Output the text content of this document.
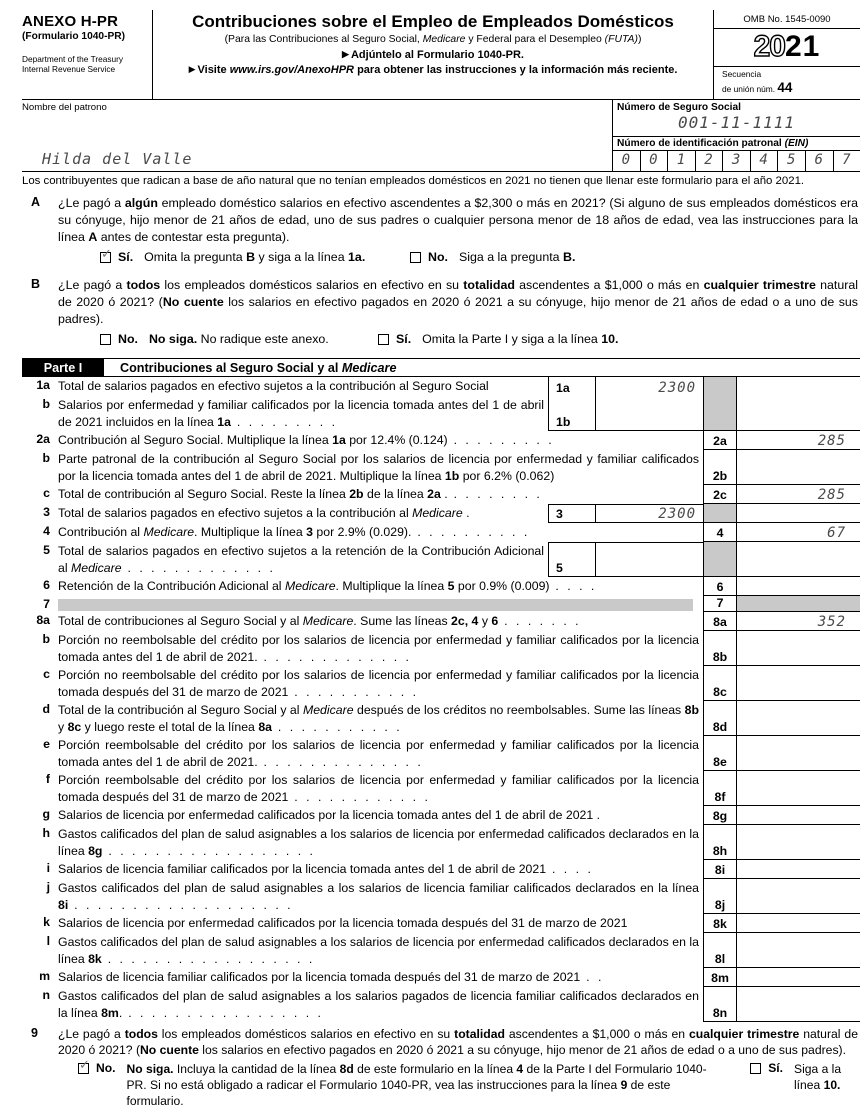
ANEXO H-PR
(Formulario 1040-PR)
Department of the Treasury
Internal Revenue Service
Contribuciones sobre el Empleo de Empleados Domésticos
(Para las Contribuciones al Seguro Social, Medicare y Federal para el Desempleo (FUTA))
▶ Adjúntelo al Formulario 1040-PR.
▶ Visite www.irs.gov/AnexoHPR para obtener las instrucciones y la información más reciente.
OMB No. 1545-0090
2021
Secuencia
de unión núm. 44
Nombre del patrono
Hilda del Valle
Número de Seguro Social
001-11-1111
Número de identificación patronal (EIN)
0	0	1	2	3	4	5	6	7
Los contribuyentes que radican a base de año natural que no tenían empleados domésticos en 2021 no tienen que llenar este formulario para el año 2021.
A	¿Le pagó a algún empleado doméstico salarios en efectivo ascendentes a $2,300 o más en 2021? (Si alguno de sus empleados domésticos era su cónyuge, hijo menor de 21 años de edad, uno de sus padres o cualquier persona menor de 18 años de edad, vea las instrucciones para la línea A antes de contestar esta pregunta).
✓
Sí. Omita la pregunta B y siga a la línea 1a.	No. Siga a la pregunta B.
B	¿Le pagó a todos los empleados domésticos salarios en efectivo en su totalidad ascendentes a $1,000 o más en cualquier trimestre natural de 2020 ó 2021? (No cuente los salarios en efectivo pagados en 2020 ó 2021 a su cónyuge, hijo menor de 21 años de edad o a uno de sus padres).
No. No siga. No radique este anexo.	Sí. Omita la Parte I y siga a la línea 10.
Parte I	Contribuciones al Seguro Social y al Medicare
1a Total de salarios pagados en efectivo sujetos a la contribución al Seguro Social	1a	2300
b Salarios por enfermedad y familiar calificados por la licencia tomada antes del 1 de abril de 2021 incluidos en la línea 1a . . . . . . . . .	1b
2a Contribución al Seguro Social. Multiplique la línea 1a por 12.4% (0.124) . . . . . . . . .	2a	285
b Parte patronal de la contribución al Seguro Social por los salarios de licencia por enfermedad y familiar calificados por la licencia tomada antes del 1 de abril de 2021. Multiplique la línea 1b por 6.2% (0.062)	2b
c Total de contribución al Seguro Social. Reste la línea 2b de la línea 2a . . . . . . . . .	2c	285
3 Total de salarios pagados en efectivo sujetos a la contribución al Medicare .	3	2300
4 Contribución al Medicare. Multiplique la línea 3 por 2.9% (0.029). . . . . . . . . . .	4	67
5 Total de salarios pagados en efectivo sujetos a la retención de la Contribución Adicional al Medicare . . . . . . . . . . . . .	5
6 Retención de la Contribución Adicional al Medicare. Multiplique la línea 5 por 0.9% (0.009) . . . .	6
7	7
8a Total de contribuciones al Seguro Social y al Medicare. Sume las líneas 2c, 4 y 6 . . . . . . .	8a	352
b Porción no reembolsable del crédito por los salarios de licencia por enfermedad y familiar calificados por la licencia tomada antes del 1 de abril de 2021. . . . . . . . . . . . . .	8b
c Porción no reembolsable del crédito por los salarios de licencia por enfermedad y familiar calificados por la licencia tomada después del 31 de marzo de 2021 . . . . . . . . . . .	8c
d Total de la contribución al Seguro Social y al Medicare después de los créditos no reembolsables. Sume las líneas 8b y 8c y luego reste el total de la línea 8a . . . . . . . . . . .	8d
e Porción reembolsable del crédito por los salarios de licencia por enfermedad y familiar calificados por la licencia tomada antes del 1 de abril de 2021. . . . . . . . . . . . . . .	8e
f Porción reembolsable del crédito por los salarios de licencia por enfermedad y familiar calificados por la licencia tomada después del 31 de marzo de 2021 . . . . . . . . . . . .	8f
g Salarios de licencia por enfermedad calificados por la licencia tomada antes del 1 de abril de 2021 .	8g
h Gastos calificados del plan de salud asignables a los salarios de licencia por enfermedad calificados declarados en la línea 8g . . . . . . . . . . . . . . . . . .	8h
i Salarios de licencia familiar calificados por la licencia tomada antes del 1 de abril de 2021 . . . .	8i
j Gastos calificados del plan de salud asignables a los salarios de licencia familiar calificados declarados en la línea 8i . . . . . . . . . . . . . . . . . . .	8j
k Salarios de licencia por enfermedad calificados por la licencia tomada después del 31 de marzo de 2021	8k
l Gastos calificados del plan de salud asignables a los salarios de licencia por enfermedad calificados declarados en la línea 8k . . . . . . . . . . . . . . . . . .	8l
m Salarios de licencia familiar calificados por la licencia tomada después del 31 de marzo de 2021 . .	8m
n Gastos calificados del plan de salud asignables a los salarios pagados de licencia familiar calificados declarados en la línea 8m. . . . . . . . . . . . . . . . . .	8n
9	¿Le pagó a todos los empleados domésticos salarios en efectivo en su totalidad ascendentes a $1,000 o más en cualquier trimestre natural de 2020 ó 2021? (No cuente los salarios en efectivo pagados en 2020 ó 2021 a su cónyuge, hijo menor de 21 años de edad o a uno de sus padres).
✓
No. No siga. Incluya la cantidad de la línea 8d de este formulario en la línea 4 de la Parte I del Formulario 1040-PR. Si no está obligado a radicar el Formulario 1040-PR, vea las instrucciones para la línea 9 de este formulario.
Sí. Siga a la línea 10.
